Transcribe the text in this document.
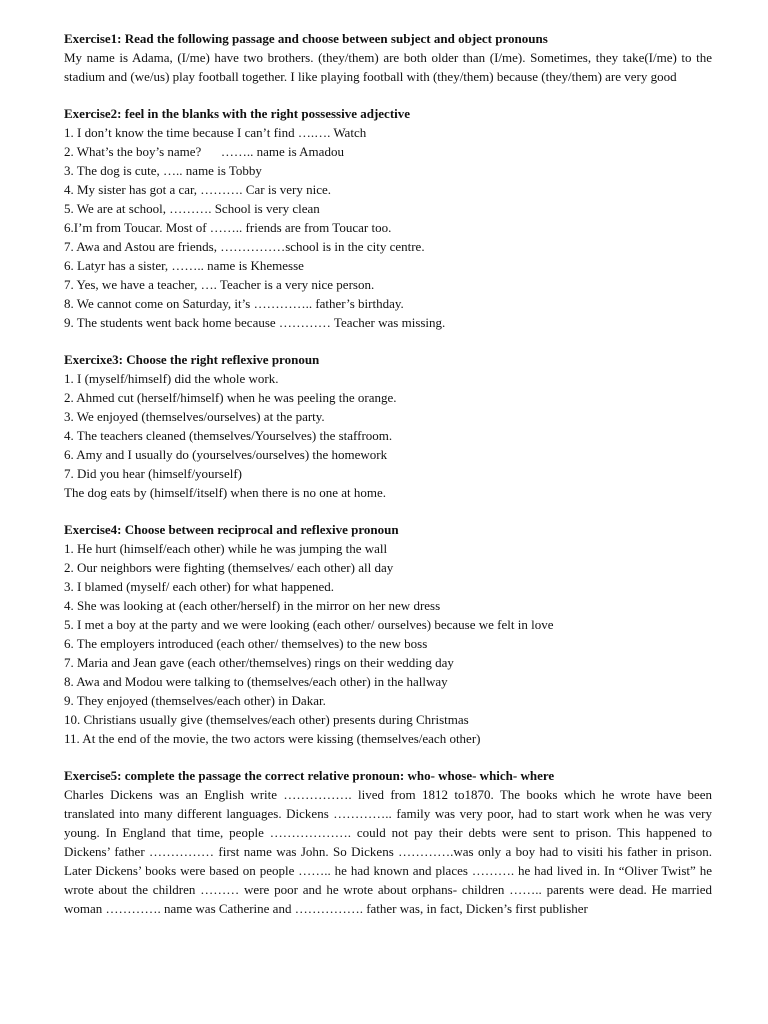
Exercise1: Read the following passage and choose between subject and object pronouns

My name is Adama, (I/me) have two brothers. (they/them) are both older than (I/me). Sometimes, they take(I/me) to the stadium and (we/us) play football together. I like playing football with (they/them) because (they/them) are very good

Exercise2: feel in the blanks with the right possessive adjective

1. I don’t know the time because I can’t find ….…. Watch

2. What’s the boy’s name?      …….. name is Amadou

3. The dog is cute, ….. name is Tobby

4. My sister has got a car, ………. Car is very nice.

5. We are at school, ………. School is very clean

6.I’m from Toucar. Most of …….. friends are from Toucar too.

7. Awa and Astou are friends, ……………school is in the city centre.

6. Latyr has a sister, …….. name is Khemesse

7. Yes, we have a teacher, …. Teacher is a very nice person.

8. We cannot come on Saturday, it’s ………….. father’s birthday.

9. The students went back home because ………… Teacher was missing.

Exercixe3: Choose the right reflexive pronoun

1. I (myself/himself) did the whole work.

2. Ahmed cut (herself/himself) when he was peeling the orange.

3. We enjoyed (themselves/ourselves) at the party.

4. The teachers cleaned (themselves/Yourselves) the staffroom.

6. Amy and I usually do (yourselves/ourselves) the homework

7. Did you hear (himself/yourself)

The dog eats by (himself/itself) when there is no one at home.

Exercise4: Choose between reciprocal and reflexive pronoun

1. He hurt (himself/each other) while he was jumping the wall

2. Our neighbors were fighting (themselves/ each other) all day

3. I blamed (myself/ each other) for what happened.

4. She was looking at (each other/herself) in the mirror on her new dress

5. I met a boy at the party and we were looking (each other/ ourselves) because we felt in love

6. The employers introduced (each other/ themselves) to the new boss

7. Maria and Jean gave (each other/themselves) rings on their wedding day

8. Awa and Modou were talking to (themselves/each other) in the hallway

9. They enjoyed (themselves/each other) in Dakar.

10. Christians usually give (themselves/each other) presents during Christmas

11. At the end of the movie, the two actors were kissing (themselves/each other)

Exercise5: complete the passage the correct relative pronoun: who- whose- which- where

Charles Dickens was an English write ……………. lived from 1812 to1870. The books which he wrote have been translated into many different languages. Dickens ………….. family was very poor, had to start work when he was very young. In England that time, people ………………. could not pay their debts were sent to prison. This happened to Dickens’ father …………… first name was John. So Dickens ………….was only a boy had to visiti his father in prison. Later Dickens’ books were based on people …….. he had known and places ………. he had lived in. In “Oliver Twist” he wrote about the children ……… were poor and he wrote about orphans- children …….. parents were dead. He married woman …………. name was Catherine and ……………. father was, in fact, Dicken’s first publisher
